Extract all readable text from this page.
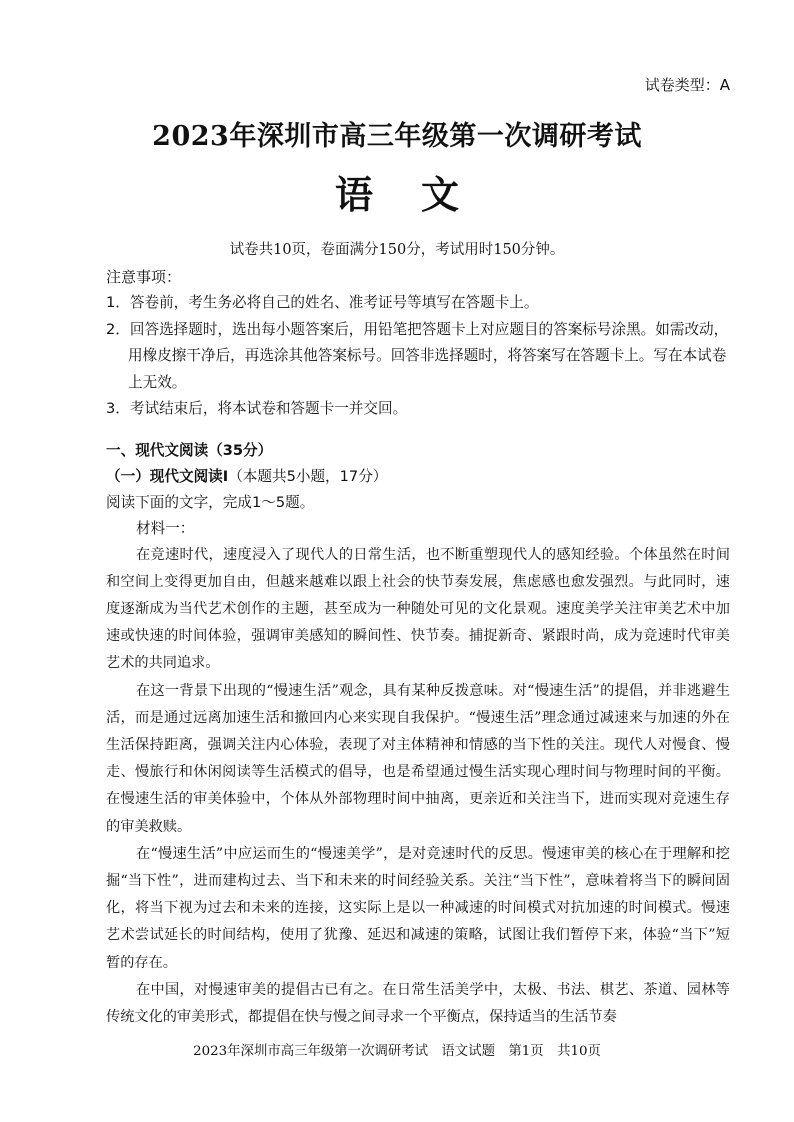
试卷类型：A
2023年深圳市高三年级第一次调研考试
语文
试卷共10页，卷面满分150分，考试用时150分钟。
注意事项：

1．答卷前，考生务必将自己的姓名、准考证号等填写在答题卡上。

2．回答选择题时，选出每小题答案后，用铅笔把答题卡上对应题目的答案标号涂黑。如需改动，用橡皮擦干净后，再选涂其他答案标号。回答非选择题时，将答案写在答题卡上。写在本试卷上无效。

3．考试结束后，将本试卷和答题卡一并交回。

一、现代文阅读（35分）
（一）现代文阅读Ⅰ（本题共5小题，17分）
阅读下面的文字，完成1～5题。
材料一：

在竞速时代，速度浸入了现代人的日常生活，也不断重塑现代人的感知经验。个体虽然在时间和空间上变得更加自由，但越来越难以跟上社会的快节奏发展，焦虑感也愈发强烈。与此同时，速度逐渐成为当代艺术创作的主题，甚至成为一种随处可见的文化景观。速度美学关注审美艺术中加速或快速的时间体验，强调审美感知的瞬间性、快节奏。捕捉新奇、紧跟时尚，成为竞速时代审美艺术的共同追求。

在这一背景下出现的“慢速生活”观念，具有某种反拨意味。对“慢速生活”的提倡，并非逃避生活，而是通过远离加速生活和撤回内心来实现自我保护。“慢速生活”理念通过减速来与加速的外在生活保持距离，强调关注内心体验，表现了对主体精神和情感的当下性的关注。现代人对慢食、慢走、慢旅行和休闲阅读等生活模式的倡导，也是希望通过慢生活实现心理时间与物理时间的平衡。在慢速生活的审美体验中，个体从外部物理时间中抽离，更亲近和关注当下，进而实现对竞速生存的审美救赎。

在“慢速生活”中应运而生的“慢速美学”，是对竞速时代的反思。慢速审美的核心在于理解和挖掘“当下性”，进而建构过去、当下和未来的时间经验关系。关注“当下性”，意味着将当下的瞬间固化，将当下视为过去和未来的连接，这实际上是以一种减速的时间模式对抗加速的时间模式。慢速艺术尝试延长的时间结构，使用了犹豫、延迟和减速的策略，试图让我们暂停下来，体验“当下”短暂的存在。

在中国，对慢速审美的提倡古已有之。在日常生活美学中，太极、书法、棋艺、茶道、园林等传统文化的审美形式，都提倡在快与慢之间寻求一个平衡点，保持适当的生活节奏

2023年深圳市高三年级第一次调研考试　语文试题　第1页　共10页
